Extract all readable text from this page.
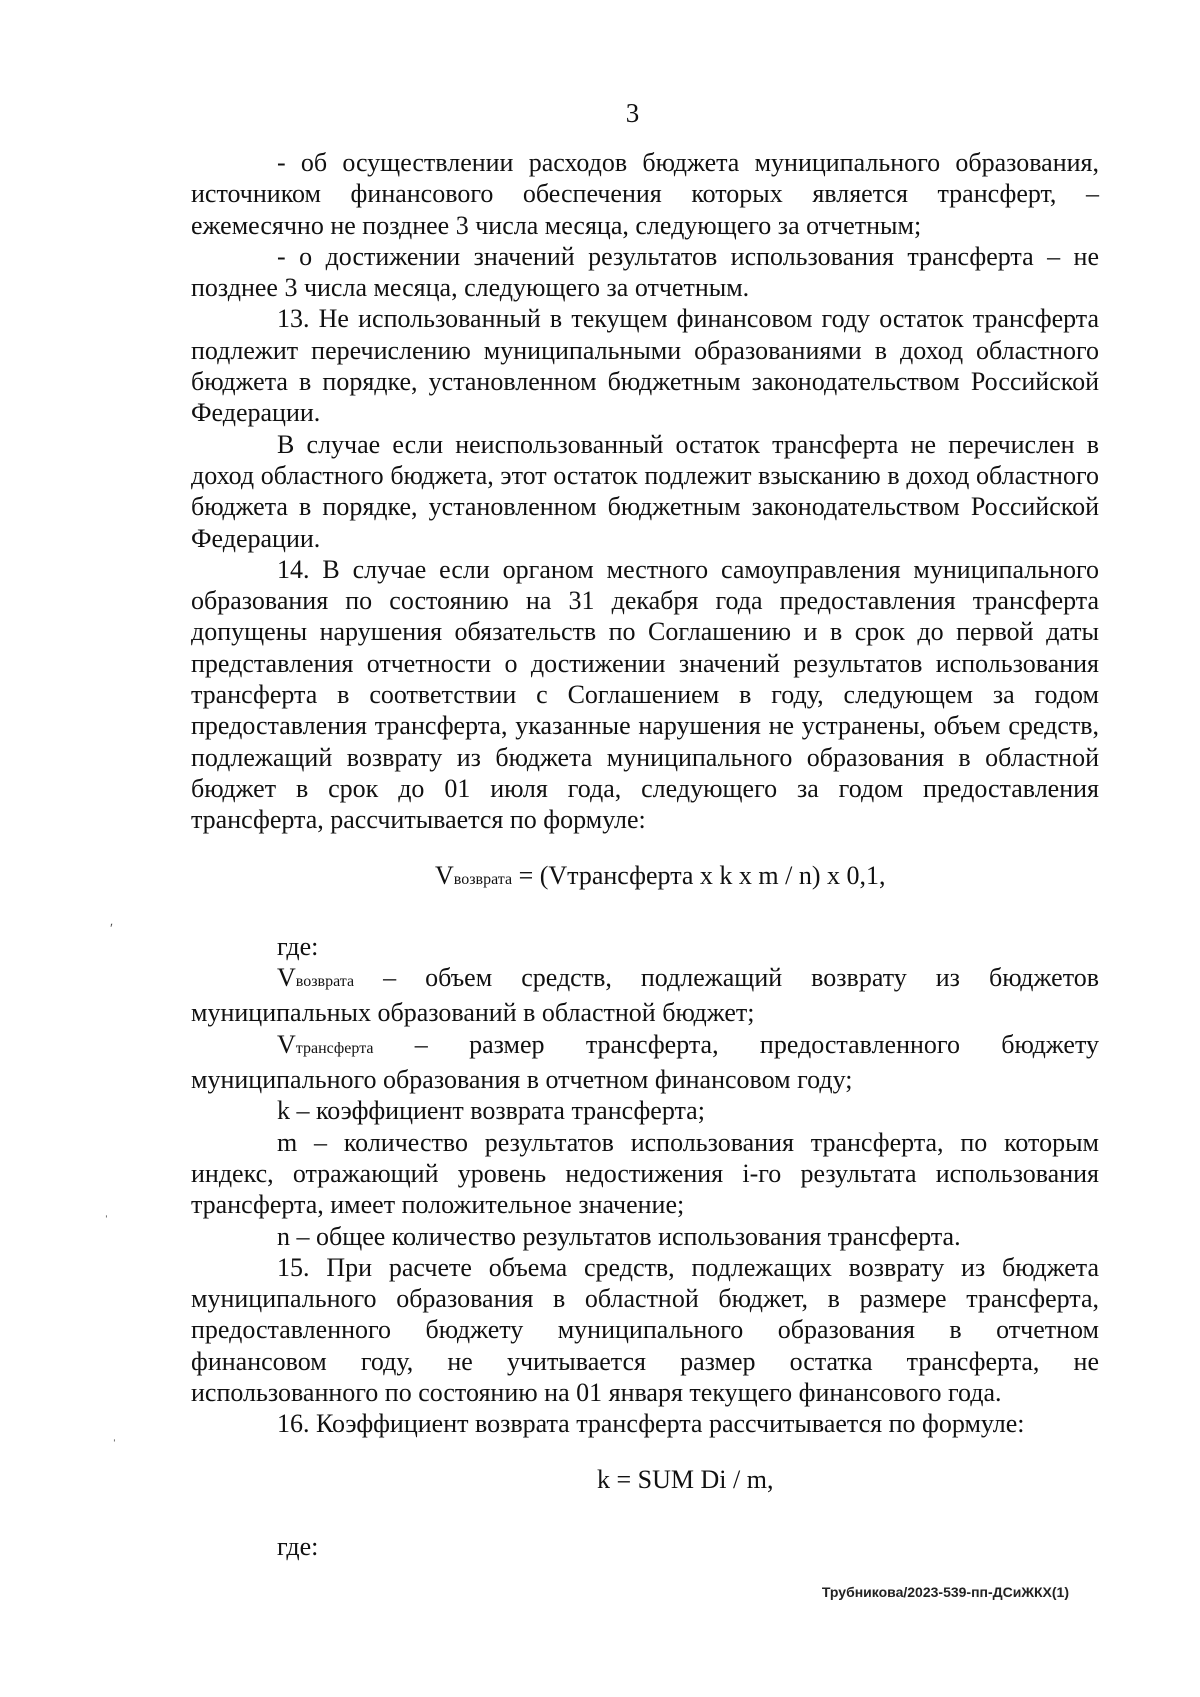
3

- об осуществлении расходов бюджета муниципального образования, источником финансового обеспечения которых является трансферт, – ежемесячно не позднее 3 числа месяца, следующего за отчетным;

- о достижении значений результатов использования трансферта – не позднее 3 числа месяца, следующего за отчетным.

13. Не использованный в текущем финансовом году остаток трансферта подлежит перечислению муниципальными образованиями в доход областного бюджета в порядке, установленном бюджетным законодательством Российской Федерации.

В случае если неиспользованный остаток трансферта не перечислен в доход областного бюджета, этот остаток подлежит взысканию в доход областного бюджета в порядке, установленном бюджетным законодательством Российской Федерации.

14. В случае если органом местного самоуправления муниципального образования по состоянию на 31 декабря года предоставления трансферта допущены нарушения обязательств по Соглашению и в срок до первой даты представления отчетности о достижении значений результатов использования трансферта в соответствии с Соглашением в году, следующем за годом предоставления трансферта, указанные нарушения не устранены, объем средств, подлежащий возврату из бюджета муниципального образования в областной бюджет в срок до 01 июля года, следующего за годом предоставления трансферта, рассчитывается по формуле:

Vвозврата = (Vтрансферта x k x m / n) x 0,1,

где:

Vвозврата – объем средств, подлежащий возврату из бюджетов муниципальных образований в областной бюджет;

Vтрансферта – размер трансферта, предоставленного бюджету муниципального образования в отчетном финансовом году;

k – коэффициент возврата трансферта;

m – количество результатов использования трансферта, по которым индекс, отражающий уровень недостижения i-го результата использования трансферта, имеет положительное значение;

n – общее количество результатов использования трансферта.

15. При расчете объема средств, подлежащих возврату из бюджета муниципального образования в областной бюджет, в размере трансферта, предоставленного бюджету муниципального образования в отчетном финансовом году, не учитывается размер остатка трансферта, не использованного по состоянию на 01 января текущего финансового года.

16. Коэффициент возврата трансферта рассчитывается по формуле:

k = SUM Di / m,

где:

Трубникова/2023-539-пп-ДСиЖКХ(1)
ʹ
ˈ
ˈ
